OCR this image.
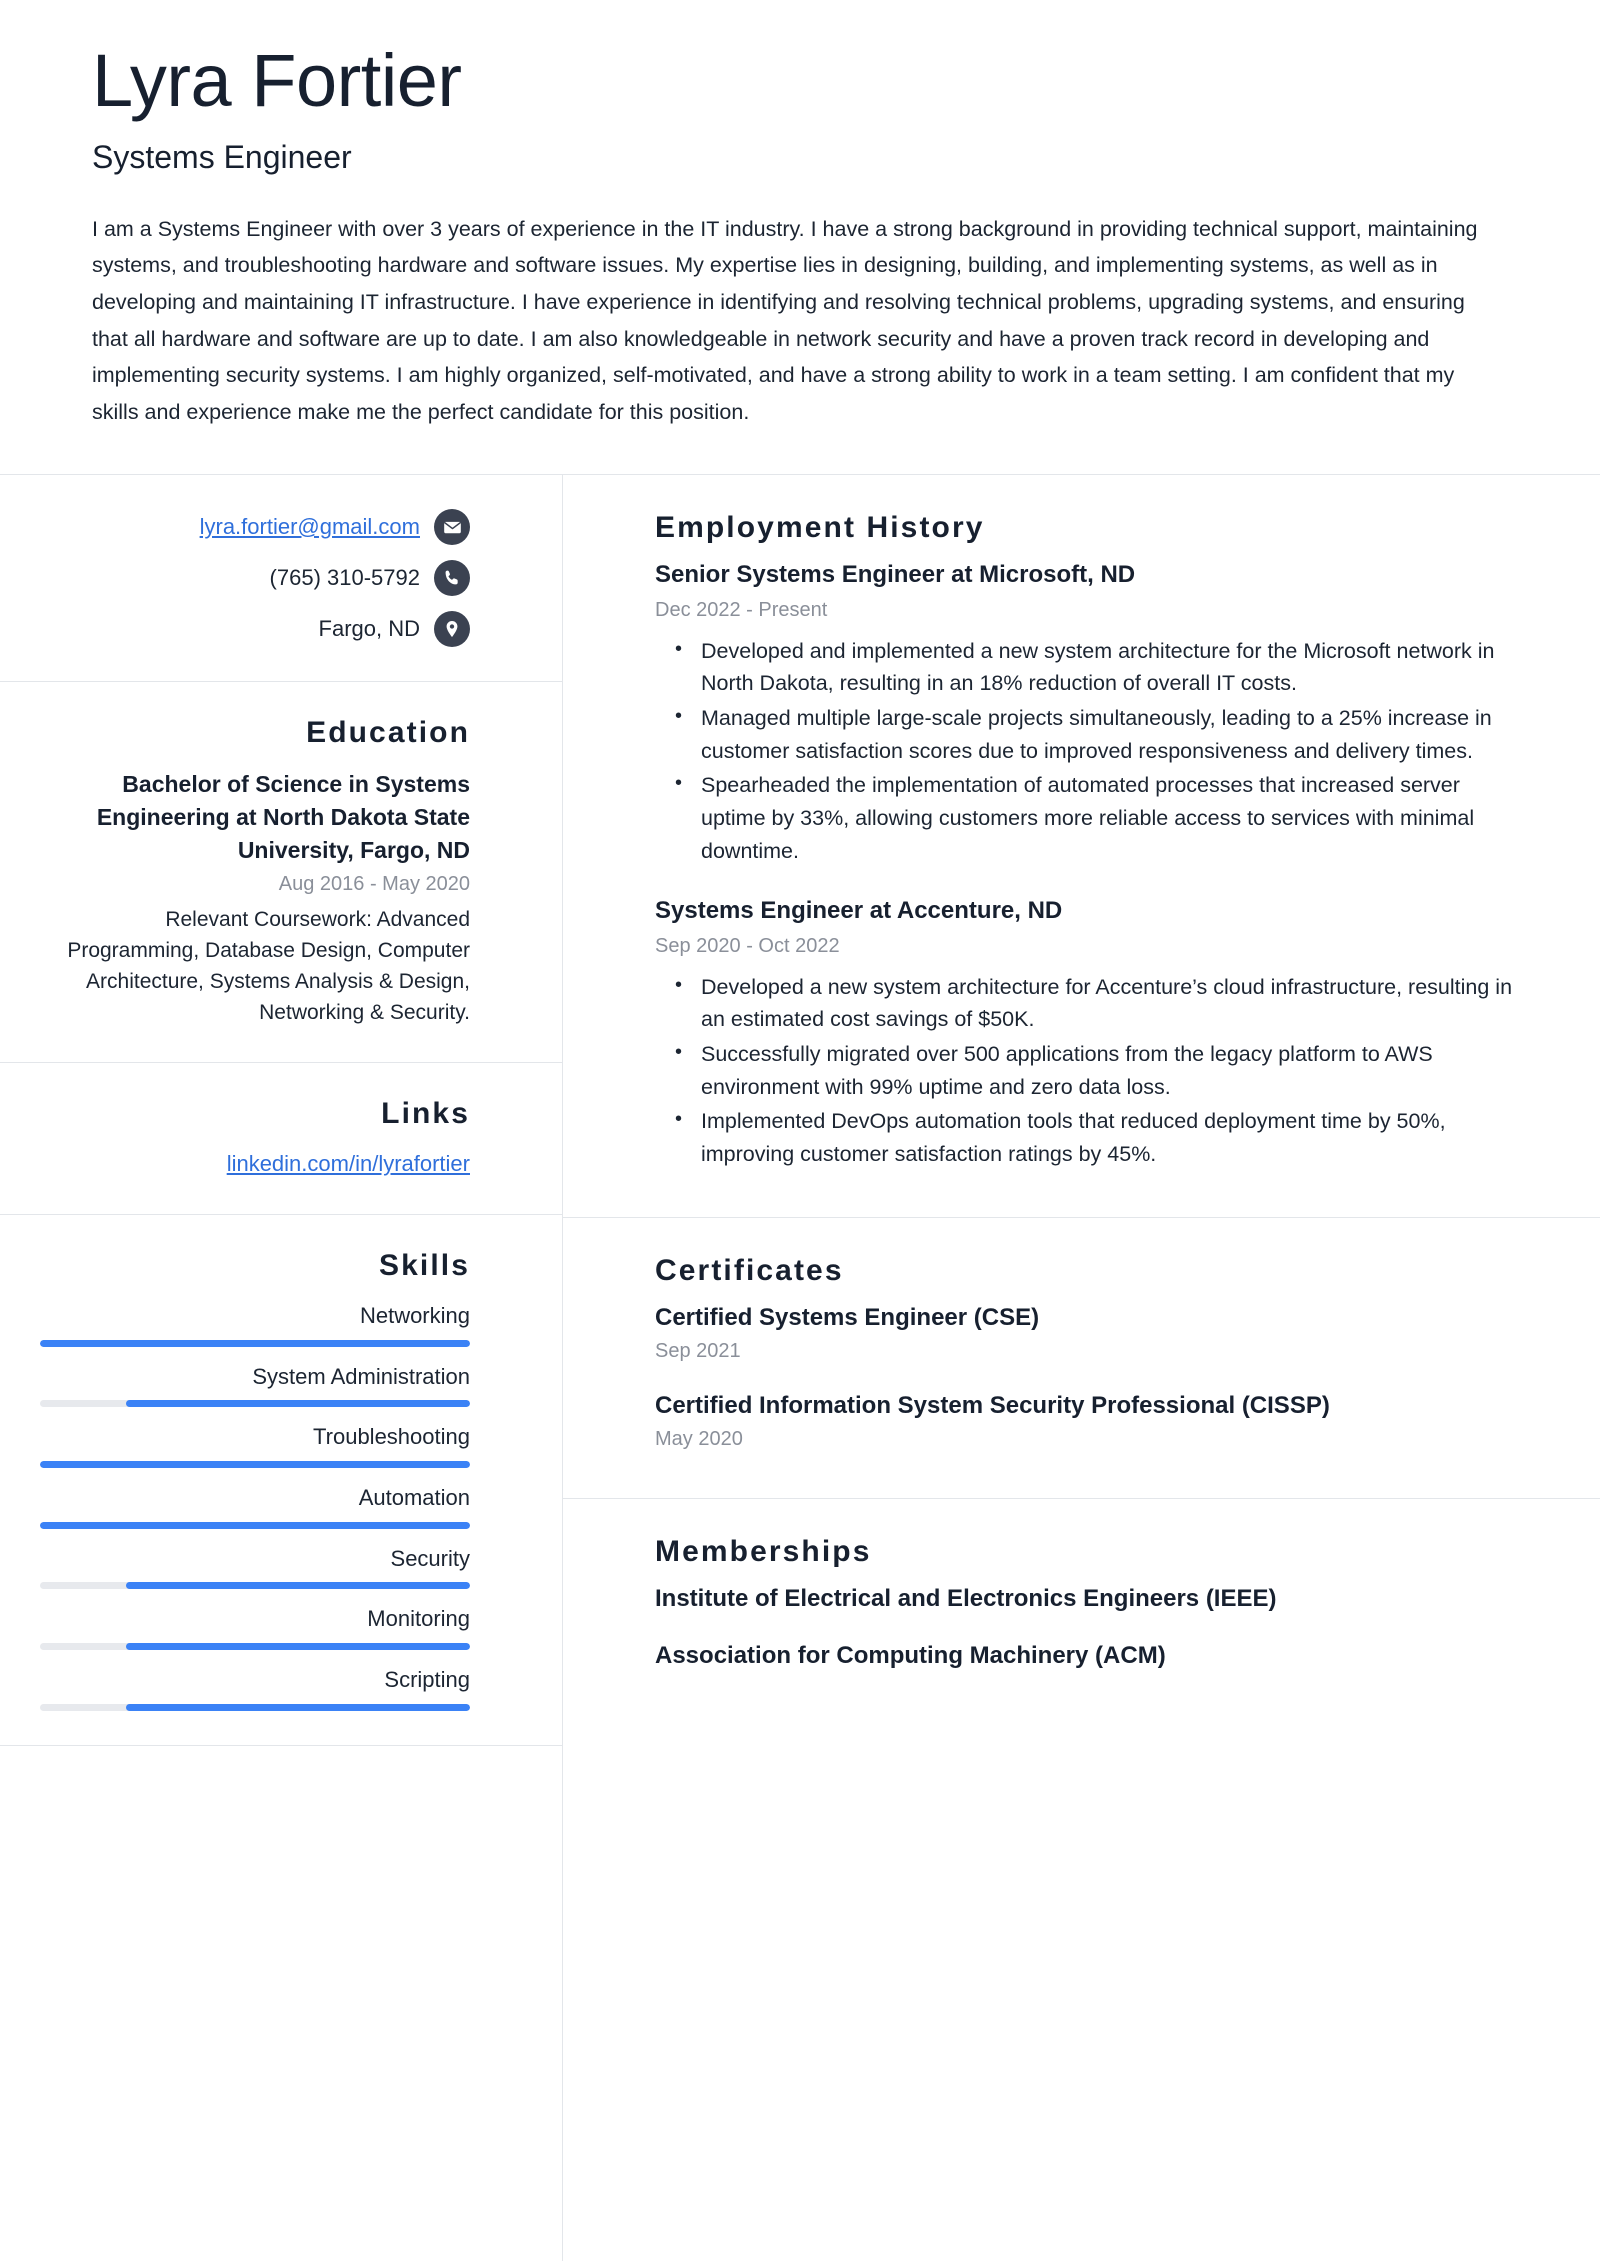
Lyra Fortier
Systems Engineer
I am a Systems Engineer with over 3 years of experience in the IT industry. I have a strong background in providing technical support, maintaining systems, and troubleshooting hardware and software issues. My expertise lies in designing, building, and implementing systems, as well as in developing and maintaining IT infrastructure. I have experience in identifying and resolving technical problems, upgrading systems, and ensuring that all hardware and software are up to date. I am also knowledgeable in network security and have a proven track record in developing and implementing security systems. I am highly organized, self-motivated, and have a strong ability to work in a team setting. I am confident that my skills and experience make me the perfect candidate for this position.
lyra.fortier@gmail.com
(765) 310-5792
Fargo, ND
Education
Bachelor of Science in Systems Engineering at North Dakota State University, Fargo, ND
Aug 2016 - May 2020
Relevant Coursework: Advanced Programming, Database Design, Computer Architecture, Systems Analysis & Design, Networking & Security.
Links
linkedin.com/in/lyrafortier
Skills
Networking
System Administration
Troubleshooting
Automation
Security
Monitoring
Scripting
Employment History
Senior Systems Engineer at Microsoft, ND
Dec 2022 - Present
• Developed and implemented a new system architecture for the Microsoft network in North Dakota, resulting in an 18% reduction of overall IT costs.
• Managed multiple large-scale projects simultaneously, leading to a 25% increase in customer satisfaction scores due to improved responsiveness and delivery times.
• Spearheaded the implementation of automated processes that increased server uptime by 33%, allowing customers more reliable access to services with minimal downtime.
Systems Engineer at Accenture, ND
Sep 2020 - Oct 2022
• Developed a new system architecture for Accenture’s cloud infrastructure, resulting in an estimated cost savings of $50K.
• Successfully migrated over 500 applications from the legacy platform to AWS environment with 99% uptime and zero data loss.
• Implemented DevOps automation tools that reduced deployment time by 50%, improving customer satisfaction ratings by 45%.
Certificates
Certified Systems Engineer (CSE)
Sep 2021
Certified Information System Security Professional (CISSP)
May 2020
Memberships
Institute of Electrical and Electronics Engineers (IEEE)
Association for Computing Machinery (ACM)
